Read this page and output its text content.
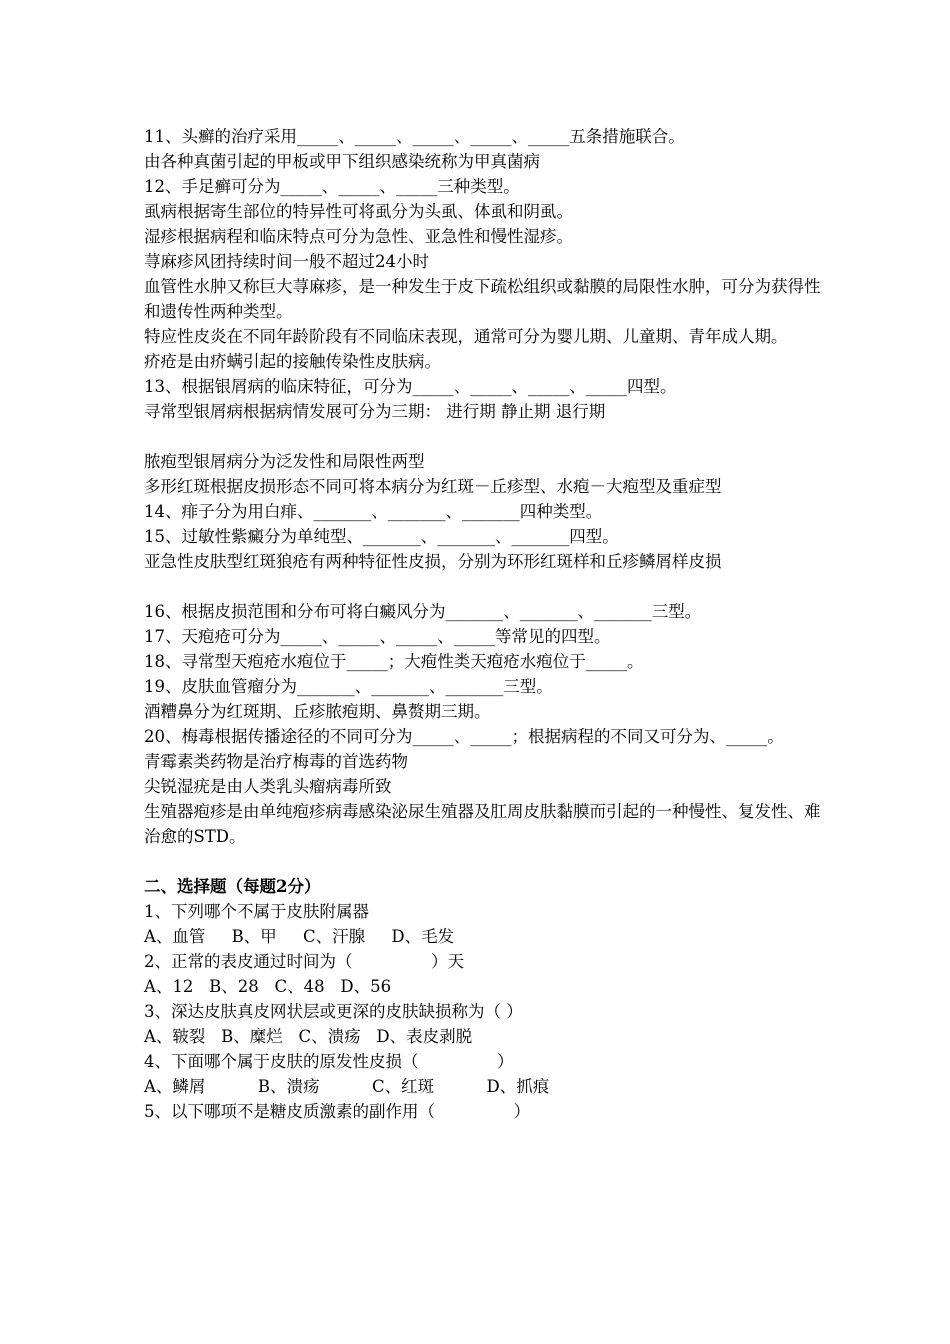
11、头癣的治疗采用_____、_____、_____、_____、_____五条措施联合。
由各种真菌引起的甲板或甲下组织感染统称为甲真菌病
12、手足癣可分为_____、_____、_____三种类型。
虱病根据寄生部位的特异性可将虱分为头虱、体虱和阴虱。
湿疹根据病程和临床特点可分为急性、亚急性和慢性湿疹。
荨麻疹风团持续时间一般不超过24小时
血管性水肿又称巨大荨麻疹，是一种发生于皮下疏松组织或黏膜的局限性水肿，可分为获得性和遗传性两种类型。
特应性皮炎在不同年龄阶段有不同临床表现，通常可分为婴儿期、儿童期、青年成人期。
疥疮是由疥螨引起的接触传染性皮肤病。
13、根据银屑病的临床特征，可分为_____、_____、_____、_____四型。
寻常型银屑病根据病情发展可分为三期： 进行期 静止期 退行期
脓疱型银屑病分为泛发性和局限性两型
多形红斑根据皮损形态不同可将本病分为红斑－丘疹型、水疱－大疱型及重症型
14、痱子分为用白痱、_______、_______、_______四种类型。
15、过敏性紫癜分为单纯型、_______、_______、_______四型。
亚急性皮肤型红斑狼疮有两种特征性皮损，分别为环形红斑样和丘疹鳞屑样皮损
16、根据皮损范围和分布可将白癜风分为_______、_______、_______三型。
17、天疱疮可分为_____、_____、_____、_____等常见的四型。
18、寻常型天疱疮水疱位于_____；大疱性类天疱疮水疱位于_____。
19、皮肤血管瘤分为_______、_______、_______三型。
酒糟鼻分为红斑期、丘疹脓疱期、鼻赘期三期。
20、梅毒根据传播途径的不同可分为_____、_____；根据病程的不同又可分为、_____。
青霉素类药物是治疗梅毒的首选药物
尖锐湿疣是由人类乳头瘤病毒所致
生殖器疱疹是由单纯疱疹病毒感染泌尿生殖器及肛周皮肤黏膜而引起的一种慢性、复发性、难治愈的STD。
二、选择题（每题2分）
1、下列哪个不属于皮肤附属器
A、血管     B、甲     C、汗腺     D、毛发
2、正常的表皮通过时间为（               ）天
A、12   B、28   C、48   D、56
3、深达皮肤真皮网状层或更深的皮肤缺损称为（ ）
A、皲裂   B、糜烂   C、溃疡   D、表皮剥脱
4、下面哪个属于皮肤的原发性皮损（               ）
A、鳞屑          B、溃疡          C、红斑          D、抓痕
5、以下哪项不是糖皮质激素的副作用（               ）
